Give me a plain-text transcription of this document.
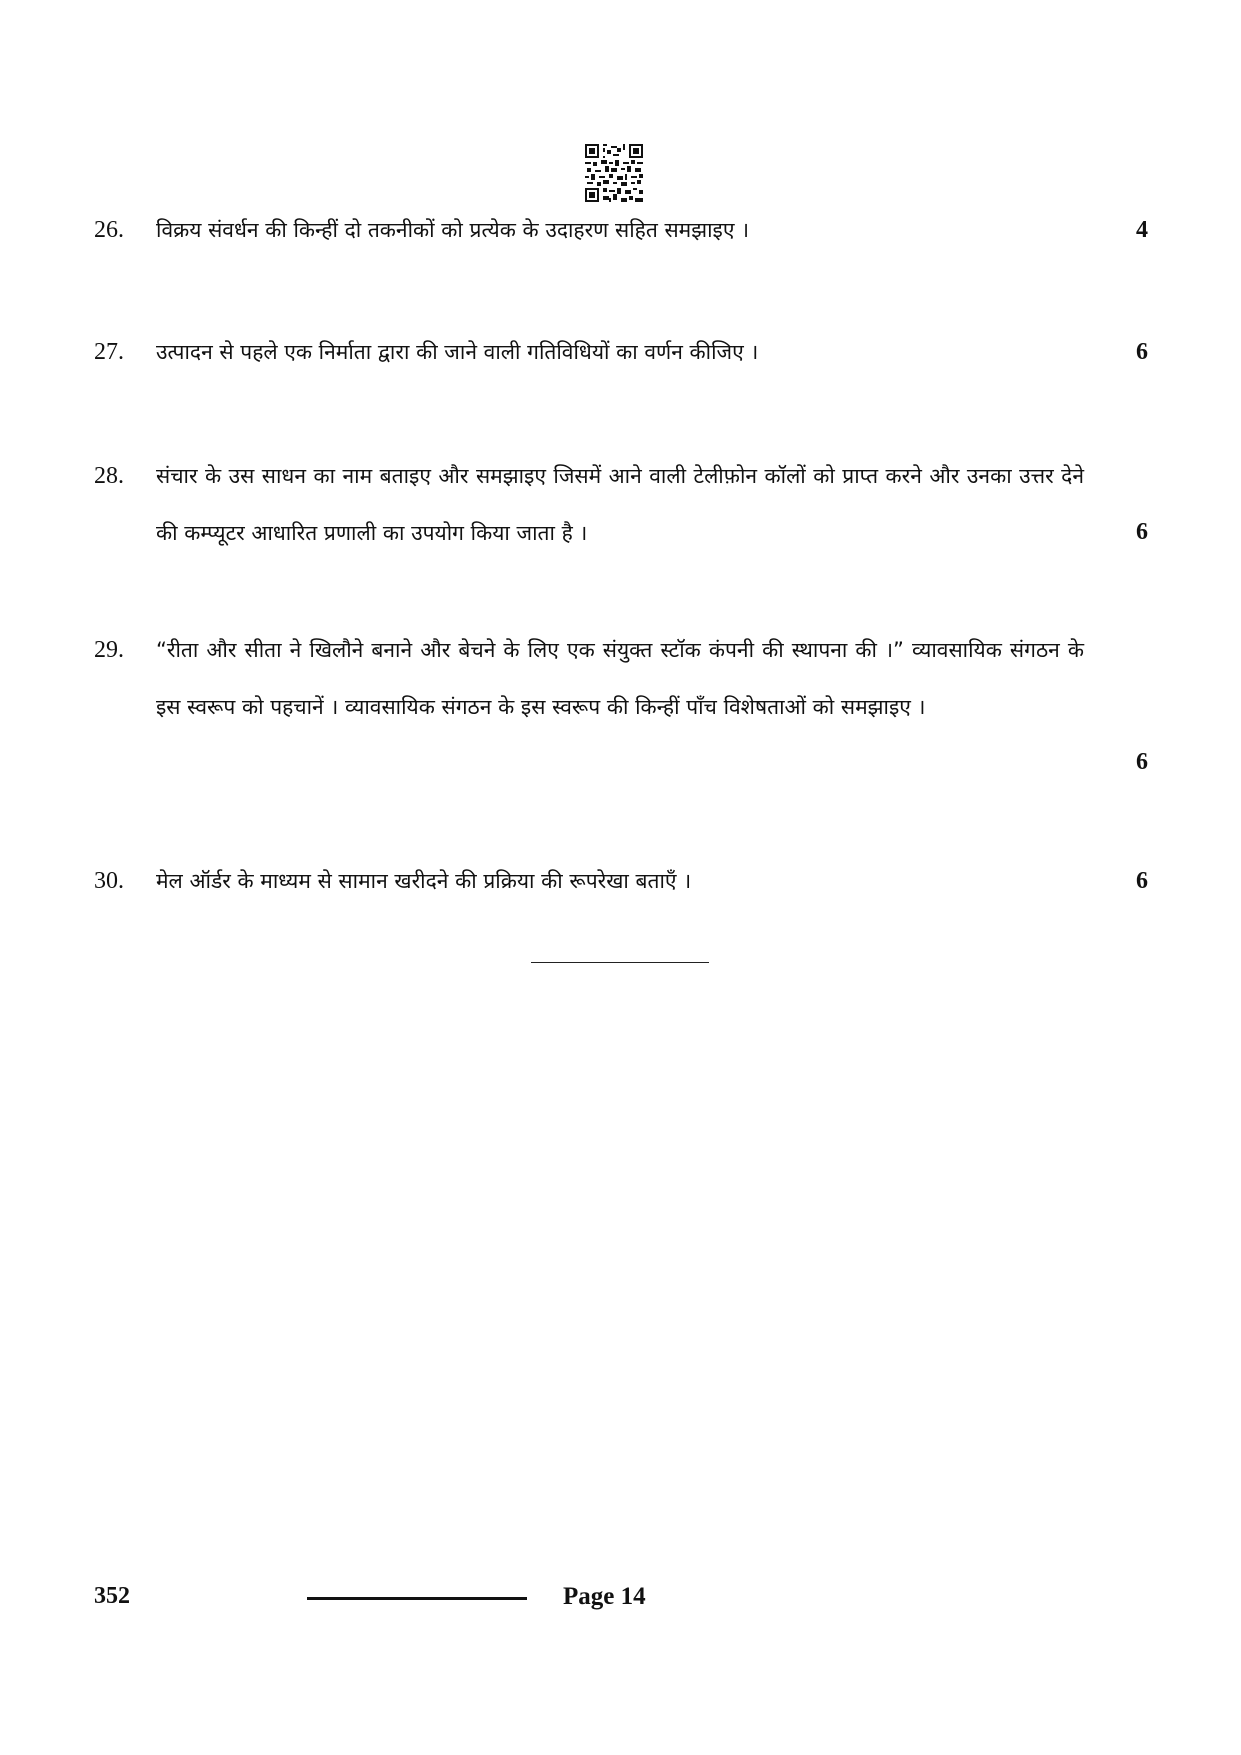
26. विक्रय संवर्धन की किन्हीं दो तकनीकों को प्रत्येक के उदाहरण सहित समझाइए ।	4
27. उत्पादन से पहले एक निर्माता द्वारा की जाने वाली गतिविधियों का वर्णन कीजिए ।	6
28. संचार के उस साधन का नाम बताइए और समझाइए जिसमें आने वाली टेलीफ़ोन कॉलों को प्राप्त करने और उनका उत्तर देने की कम्प्यूटर आधारित प्रणाली का उपयोग किया जाता है ।	6
29. “रीता और सीता ने खिलौने बनाने और बेचने के लिए एक संयुक्त स्टॉक कंपनी की स्थापना की ।” व्यावसायिक संगठन के इस स्वरूप को पहचानें । व्यावसायिक संगठन के इस स्वरूप की किन्हीं पाँच विशेषताओं को समझाइए ।
6
30. मेल ऑर्डर के माध्यम से सामान खरीदने की प्रक्रिया की रूपरेखा बताएँ ।	6
352	Page 14
